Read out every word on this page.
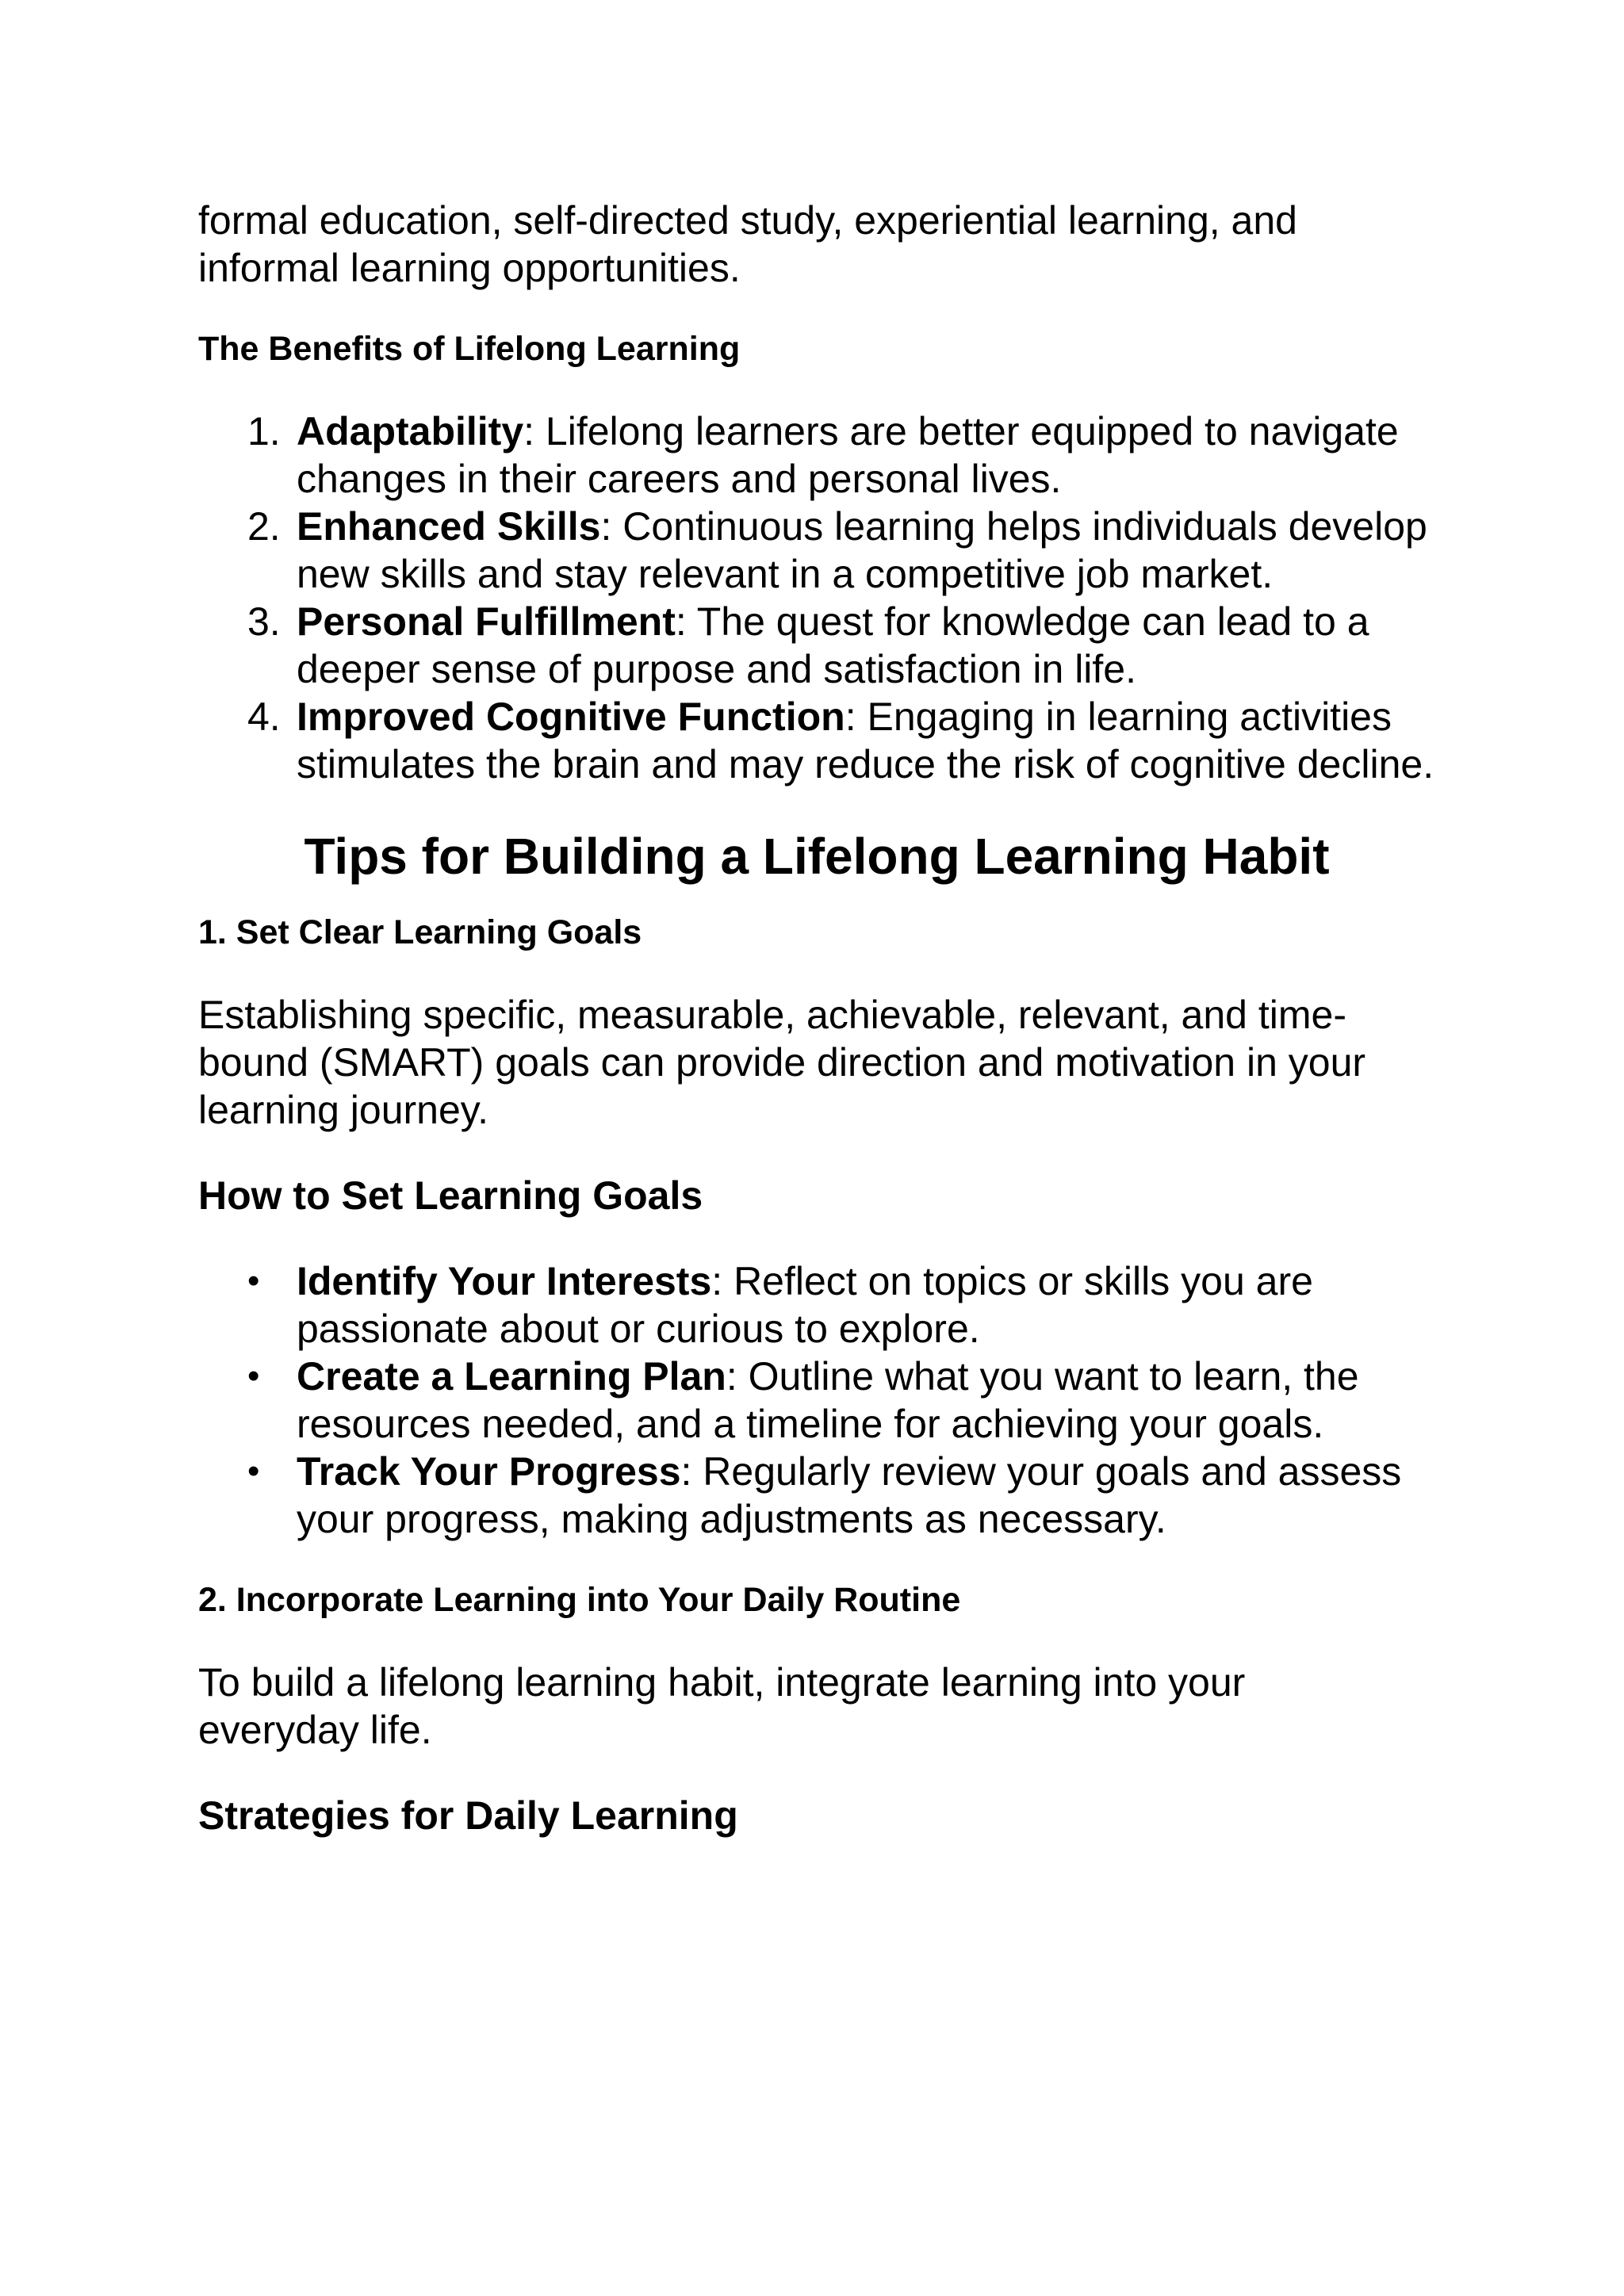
formal education, self-directed study, experiential learning, and informal learning opportunities.

The Benefits of Lifelong Learning
1. Adaptability: Lifelong learners are better equipped to navigate changes in their careers and personal lives.
2. Enhanced Skills: Continuous learning helps individuals develop new skills and stay relevant in a competitive job market.
3. Personal Fulfillment: The quest for knowledge can lead to a deeper sense of purpose and satisfaction in life.
4. Improved Cognitive Function: Engaging in learning activities stimulates the brain and may reduce the risk of cognitive decline.
Tips for Building a Lifelong Learning Habit
1. Set Clear Learning Goals

Establishing specific, measurable, achievable, relevant, and time-bound (SMART) goals can provide direction and motivation in your learning journey.

How to Set Learning Goals
• Identify Your Interests: Reflect on topics or skills you are passionate about or curious to explore.
• Create a Learning Plan: Outline what you want to learn, the resources needed, and a timeline for achieving your goals.
• Track Your Progress: Regularly review your goals and assess your progress, making adjustments as necessary.
2. Incorporate Learning into Your Daily Routine

To build a lifelong learning habit, integrate learning into your everyday life.

Strategies for Daily Learning
